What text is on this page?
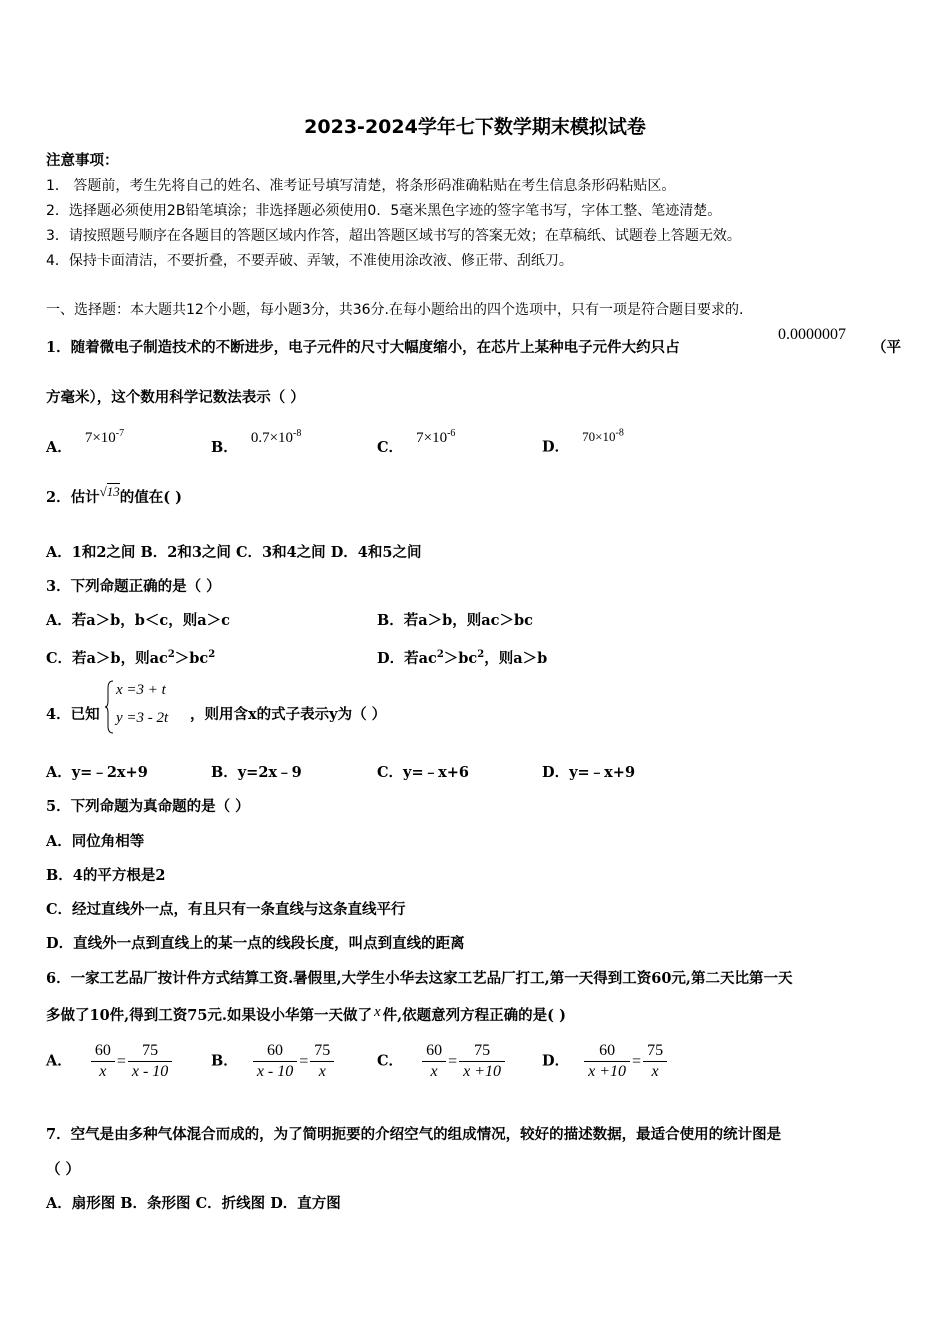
2023-2024学年七下数学期末模拟试卷
注意事项：
1． 答题前，考生先将自己的姓名、准考证号填写清楚，将条形码准确粘贴在考生信息条形码粘贴区。
2．选择题必须使用2B铅笔填涂；非选择题必须使用0．5毫米黑色字迹的签字笔书写，字体工整、笔迹清楚。
3．请按照题号顺序在各题目的答题区域内作答，超出答题区域书写的答案无效；在草稿纸、试题卷上答题无效。
4．保持卡面清洁，不要折叠，不要弄破、弄皱，不准使用涂改液、修正带、刮纸刀。
一、选择题：本大题共12个小题，每小题3分，共36分.在每小题给出的四个选项中，只有一项是符合题目要求的.
1．随着微电子制造技术的不断进步，电子元件的尺寸大幅度缩小，在芯片上某种电子元件大约只占
0.0000007
（平
方毫米），这个数用科学记数法表示（ ）
A． $7\times 10^{-7}$
B． $0.7\times 10^{-8}$
C． $7\times 10^{-6}$
D． $70\times 10^{-8}$
2．估计√13的值在( )
A．1和2之间 B．2和3之间 C．3和4之间 D．4和5之间
3．下列命题正确的是（ ）
A．若a＞b，b＜c，则a＞c	B．若a＞b，则ac＞bc
C．若a＞b，则$ac^2>bc^2$	D．若$ac^2>bc^2$，则a＞b
4．已知
x =3 + t
y =3 - 2t ，则用含x的式子表示y为（ ）
A．y=﹣2x+9	B．y=2x﹣9	C．y=﹣x+6	D．y=﹣x+9
5．下列命题为真命题的是（ ）
A．同位角相等
B．4的平方根是2
C．经过直线外一点，有且只有一条直线与这条直线平行
D．直线外一点到直线上的某一点的线段长度，叫点到直线的距离
6．一家工艺品厂按计件方式结算工资.暑假里,大学生小华去这家工艺品厂打工,第一天得到工资60元,第二天比第一天
多做了10件,得到工资75元.如果设小华第一天做了 x 件,依题意列方程正确的是( )
A． $\frac{60}{x} = \frac{75}{x - 10}$	B． $\frac{60}{x - 10} = \frac{75}{x}$	C． $\frac{60}{x} = \frac{75}{x +10}$	D． $\frac{60}{x +10} = \frac{75}{x}$
7．空气是由多种气体混合而成的，为了简明扼要的介绍空气的组成情况，较好的描述数据，最适合使用的统计图是
（ ）
A．扇形图 B．条形图 C．折线图 D．直方图
